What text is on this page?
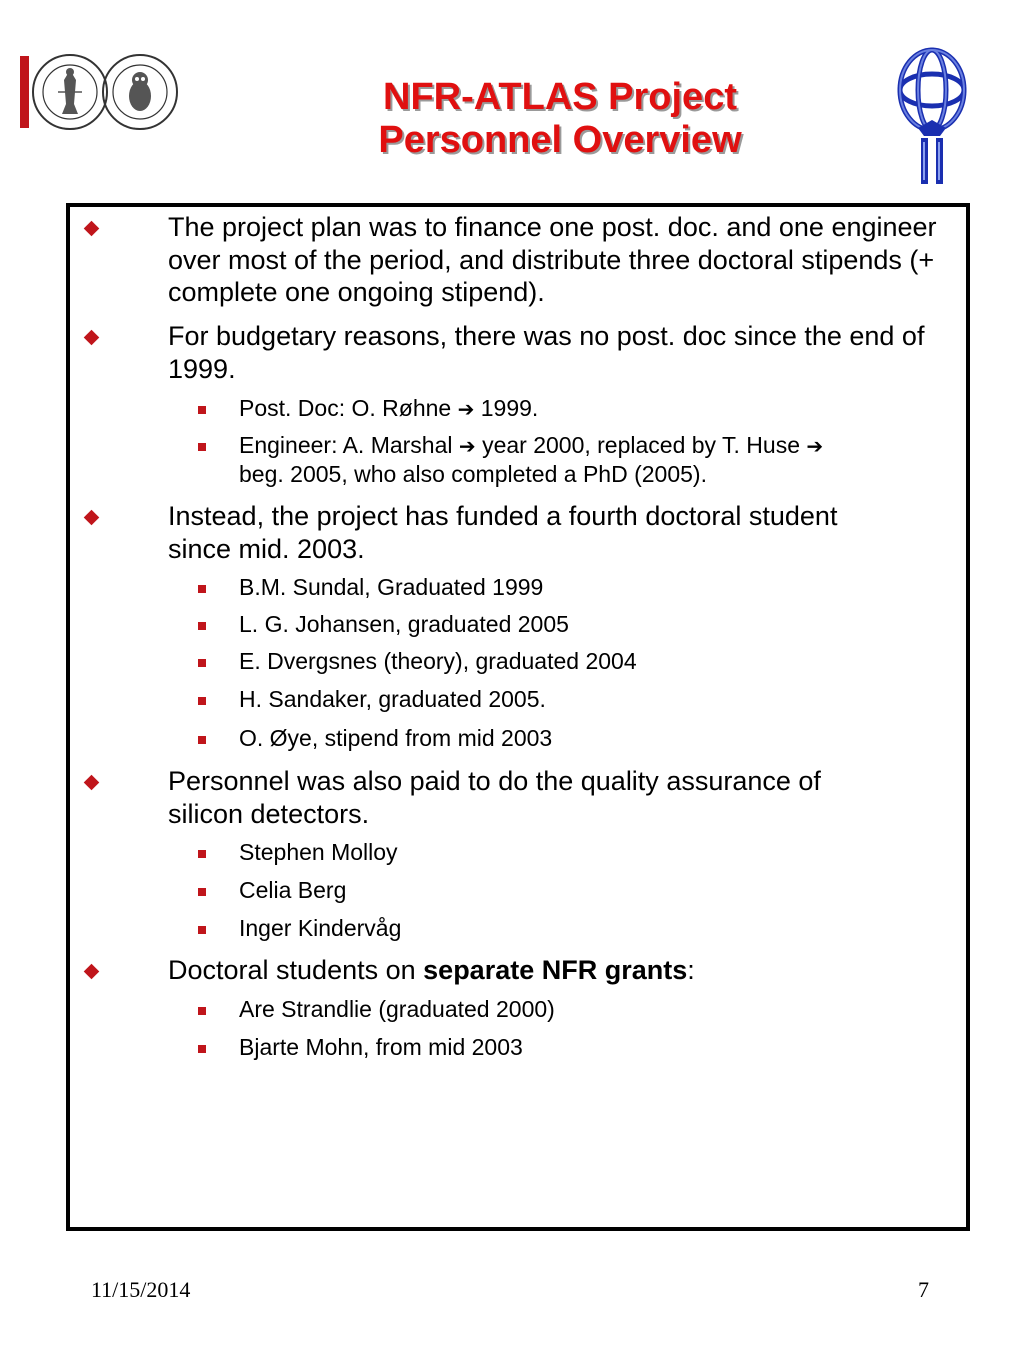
NFR-ATLAS Project
Personnel Overview
The project plan was to finance one post. doc. and one engineer over most of the period, and distribute three doctoral stipends (+ complete one ongoing stipend).
For budgetary reasons, there was no post. doc since the end of 1999.
Post. Doc: O. Røhne ➔ 1999.
Engineer: A. Marshal ➔ year 2000, replaced by T. Huse ➔
beg. 2005, who also completed a PhD (2005).
Instead, the project has funded a fourth doctoral student
since mid. 2003.
B.M. Sundal, Graduated 1999
L. G. Johansen, graduated 2005
E. Dvergsnes (theory), graduated 2004
H. Sandaker, graduated 2005.
O. Øye, stipend from mid 2003
Personnel was also paid to do the quality assurance of
silicon detectors.
Stephen Molloy
Celia Berg
Inger Kindervåg
Doctoral students on separate NFR grants:
Are Strandlie (graduated 2000)
Bjarte Mohn, from mid 2003
11/15/2014	7
